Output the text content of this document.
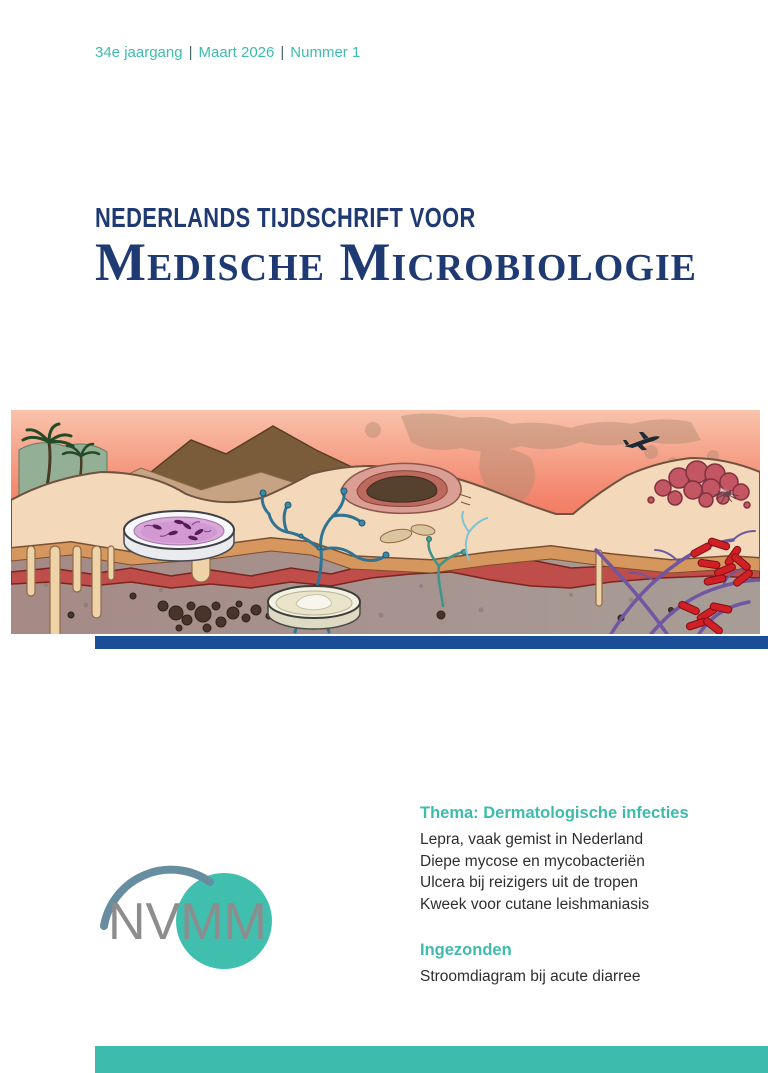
34e jaargang | Maart 2026 | Nummer 1
NEDERLANDS TIJDSCHRIFT VOOR
Medische Microbiologie
Thema: Dermatologische infecties

Lepra, vaak gemist in Nederland

Diepe mycose en mycobacteriën

Ulcera bij reizigers uit de tropen

Kweek voor cutane leishmaniasis

Ingezonden

Stroomdiagram bij acute diarree

NVMM
